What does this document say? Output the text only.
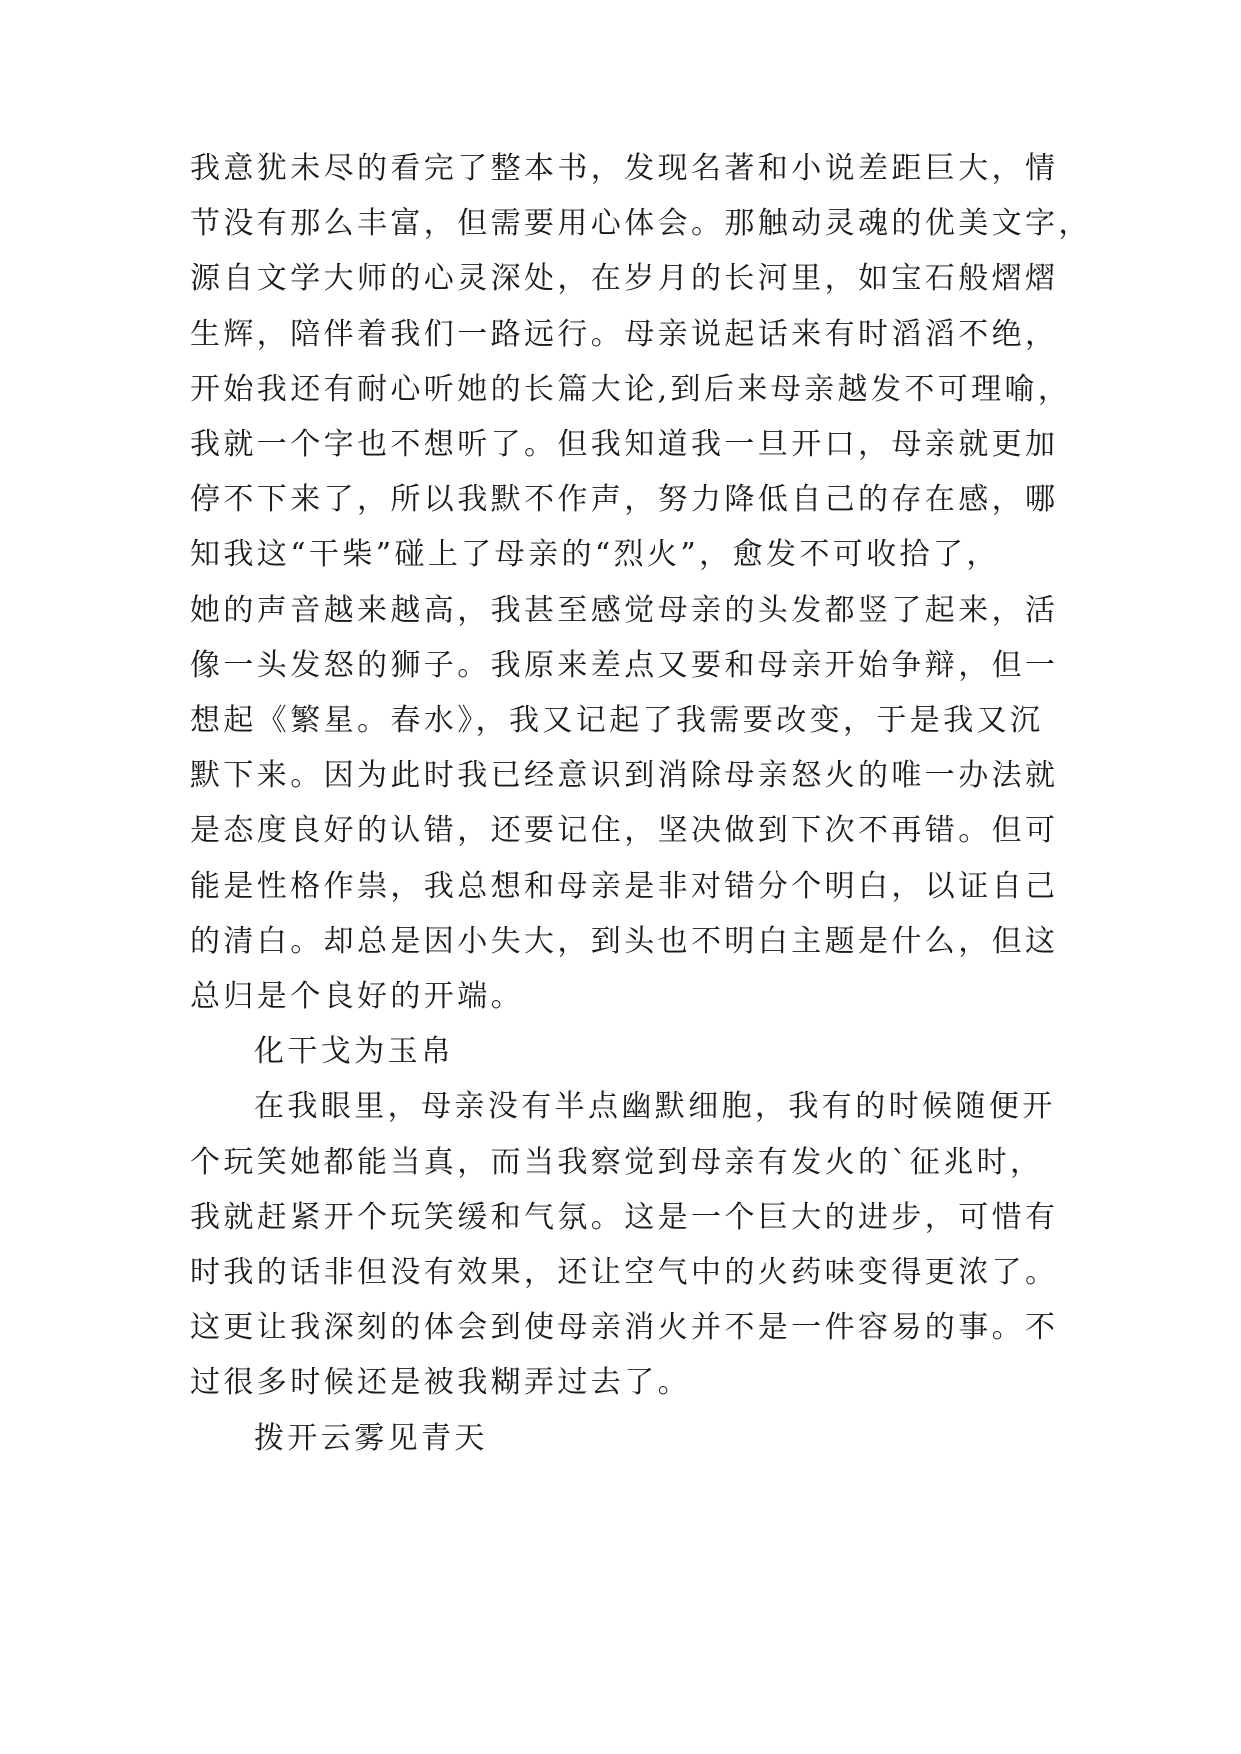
我意犹未尽的看完了整本书，发现名著和小说差距巨大，情
节没有那么丰富，但需要用心体会。那触动灵魂的优美文字，
源自文学大师的心灵深处，在岁月的长河里，如宝石般熠熠
生辉，陪伴着我们一路远行。母亲说起话来有时滔滔不绝，
开始我还有耐心听她的长篇大论,到后来母亲越发不可理喻，
我就一个字也不想听了。但我知道我一旦开口，母亲就更加
停不下来了，所以我默不作声，努力降低自己的存在感，哪
知我这“干柴”碰上了母亲的“烈火”，愈发不可收拾了，
她的声音越来越高，我甚至感觉母亲的头发都竖了起来，活
像一头发怒的狮子。我原来差点又要和母亲开始争辩，但一
想起《繁星。春水》，我又记起了我需要改变，于是我又沉
默下来。因为此时我已经意识到消除母亲怒火的唯一办法就
是态度良好的认错，还要记住，坚决做到下次不再错。但可
能是性格作祟，我总想和母亲是非对错分个明白，以证自己
的清白。却总是因小失大，到头也不明白主题是什么，但这
总归是个良好的开端。
化干戈为玉帛
在我眼里，母亲没有半点幽默细胞，我有的时候随便开
个玩笑她都能当真，而当我察觉到母亲有发火的`征兆时，
我就赶紧开个玩笑缓和气氛。这是一个巨大的进步，可惜有
时我的话非但没有效果，还让空气中的火药味变得更浓了。
这更让我深刻的体会到使母亲消火并不是一件容易的事。不
过很多时候还是被我糊弄过去了。
拨开云雾见青天
